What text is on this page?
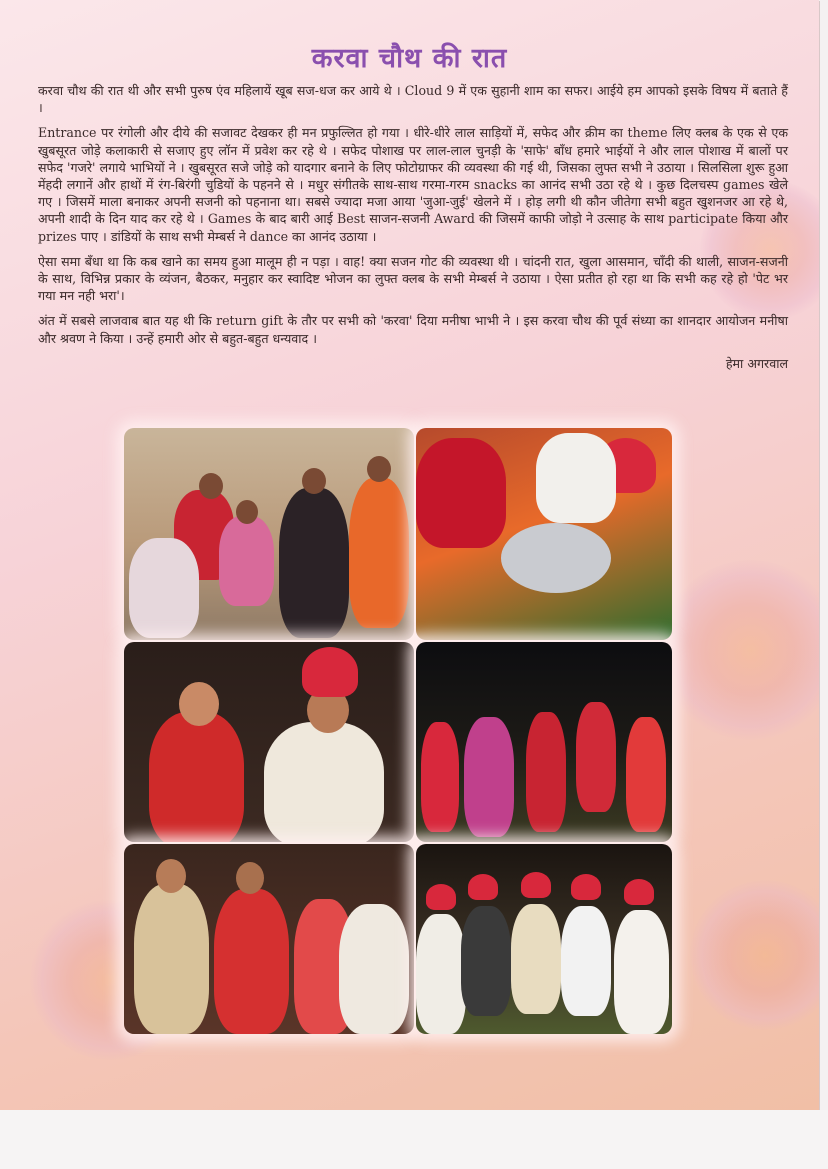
करवा चौथ की रात

करवा चौथ की रात थी और सभी पुरुष एंव महिलायें खूब सज-धज कर आये थे । Cloud 9 में एक सुहानी शाम का सफर। आईये हम आपको इसके विषय में बताते हैं ।

Entrance पर रंगोली और दीये की सजावट देखकर ही मन प्रफुल्लित हो गया । धीरे-धीरे लाल साड़ियों में, सफेद और क्रीम का theme लिए क्लब के एक से एक खुबसूरत जोड़े कलाकारी से सजाए हुए लॉन में प्रवेश कर रहे थे । सफेद पोशाख पर लाल-लाल चुनड़ी के 'साफे' बाँध हमारे भाईयों ने और लाल पोशाख में बालों पर सफेद 'गजरे' लगाये भाभियों ने । खुबसूरत सजे जोड़े को यादगार बनाने के लिए फोटोग्राफर की व्यवस्था की गई थी, जिसका लुफ्त सभी ने उठाया । सिलसिला शुरू हुआ मेंहदी लगानें और हाथों में रंग-बिरंगी चुडियों के पहनने से । मधुर संगीतके साथ-साथ गरमा-गरम snacks का आनंद सभी उठा रहे थे । कुछ दिलचस्प games खेले गए । जिसमें माला बनाकर अपनी सजनी को पहनाना था। सबसे ज्यादा मजा आया 'जुआ-जुई' खेलने में । होड़ लगी थी कौन जीतेगा सभी बहुत खुशनजर आ रहे थे, अपनी शादी के दिन याद कर रहे थे । Games के बाद बारी आई Best साजन-सजनी Award की जिसमें काफी जोड़ो ने उत्साह के साथ participate किया और prizes पाए । डांडियों के साथ सभी मेम्बर्स ने dance का आनंद उठाया ।

ऐसा समा बँधा था कि कब खाने का समय हुआ मालूम ही न पड़ा । वाह! क्या सजन गोट की व्यवस्था थी । चांदनी रात, खुला आसमान, चाँदी की थाली, साजन-सजनी के साथ, विभिन्न प्रकार के व्यंजन, बैठकर, मनुहार कर स्वादिष्ट भोजन का लुफ्त क्लब के सभी मेम्बर्स ने उठाया । ऐसा प्रतीत हो रहा था कि सभी कह रहे हो 'पेट भर गया मन नही भरा'।

अंत में सबसे लाजवाब बात यह थी कि return gift के तौर पर सभी को 'करवा' दिया मनीषा भाभी ने । इस करवा चौथ की पूर्व संध्या का शानदार आयोजन मनीषा और श्रवण ने किया । उन्हें हमारी ओर से बहुत-बहुत धन्यवाद ।

हेमा अगरवाल
